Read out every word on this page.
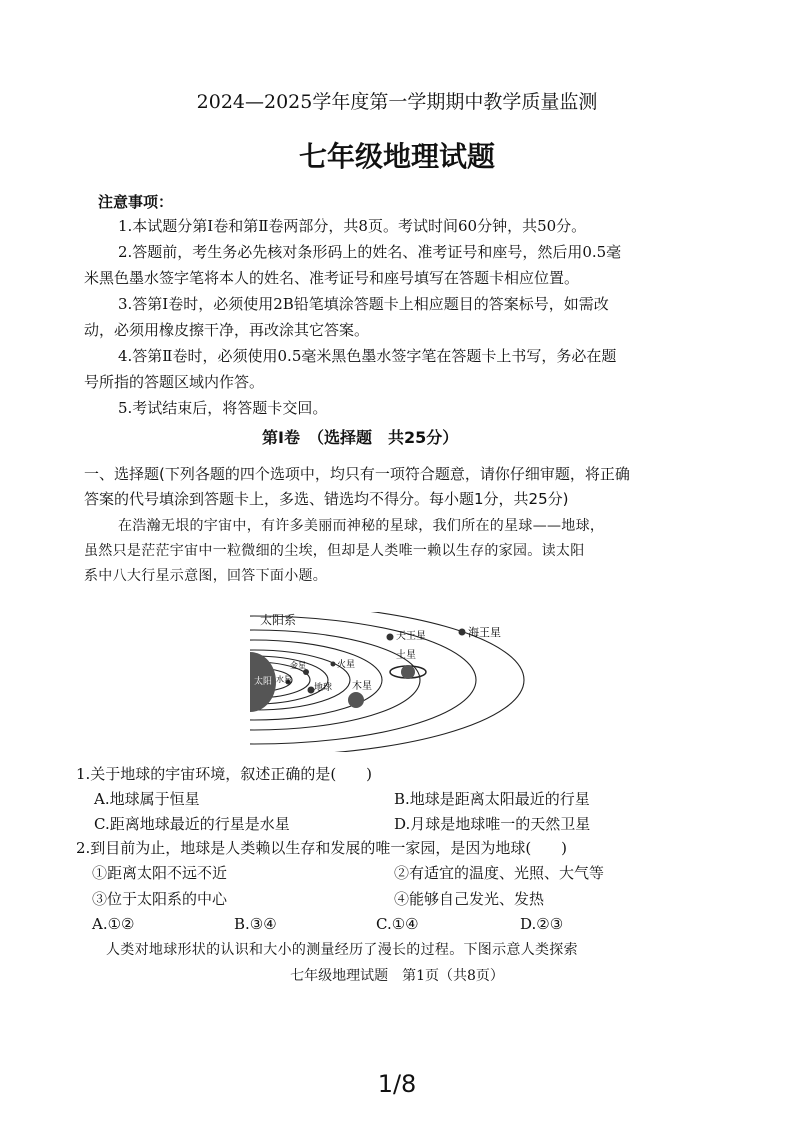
2024—2025学年度第一学期期中教学质量监测
七年级地理试题
注意事项：
1.本试题分第Ⅰ卷和第Ⅱ卷两部分，共8页。考试时间60分钟，共50分。
2.答题前，考生务必先核对条形码上的姓名、准考证号和座号，然后用0.5毫
米黑色墨水签字笔将本人的姓名、准考证号和座号填写在答题卡相应位置。
3.答第Ⅰ卷时，必须使用2B铅笔填涂答题卡上相应题目的答案标号，如需改
动，必须用橡皮擦干净，再改涂其它答案。
4.答第Ⅱ卷时，必须使用0.5毫米黑色墨水签字笔在答题卡上书写，务必在题
号所指的答题区域内作答。
5.考试结束后，将答题卡交回。
第Ⅰ卷　（选择题　共25分）
一、选择题(下列各题的四个选项中，均只有一项符合题意，请你仔细审题，将正确
答案的代号填涂到答题卡上，多选、错选均不得分。每小题1分，共25分)
在浩瀚无垠的宇宙中，有许多美丽而神秘的星球，我们所在的星球——地球，
虽然只是茫茫宇宙中一粒微细的尘埃，但却是人类唯一赖以生存的家园。读太阳
系中八大行星示意图，回答下面小题。
太阳系
太阳 水星
金星
地球
火星
木星
土星
天王星	海王星
1.关于地球的宇宙环境，叙述正确的是(　　)
A.地球属于恒星	B.地球是距离太阳最近的行星
C.距离地球最近的行星是水星	D.月球是地球唯一的天然卫星
2.到目前为止，地球是人类赖以生存和发展的唯一家园，是因为地球(　　)
①距离太阳不远不近	②有适宜的温度、光照、大气等
③位于太阳系的中心	④能够自己发光、发热
A.①②	B.③④	C.①④	D.②③
人类对地球形状的认识和大小的测量经历了漫长的过程。下图示意人类探索
七年级地理试题　第1页（共8页）
1/8
